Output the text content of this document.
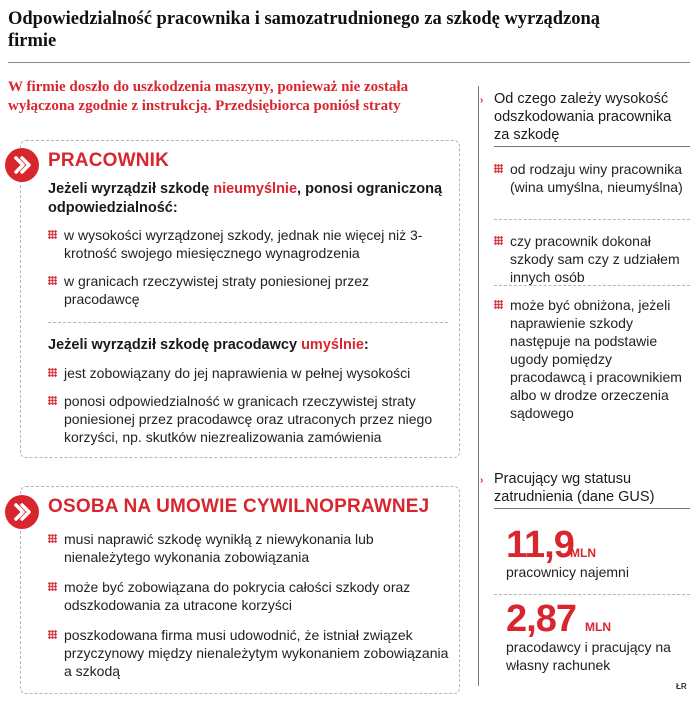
Odpowiedzialność pracownika i samozatrudnionego za szkodę wyrządzoną firmie
W firmie doszło do uszkodzenia maszyny, ponieważ nie została wyłączona zgodnie z instrukcją. Przedsiębiorca poniósł straty
PRACOWNIK
Jeżeli wyrządził szkodę nieumyślnie, ponosi ograniczoną odpowiedzialność:
w wysokości wyrządzonej szkody, jednak nie więcej niż 3-krotność swojego miesięcznego wynagrodzenia
w granicach rzeczywistej straty poniesionej przez pracodawcę
Jeżeli wyrządził szkodę pracodawcy umyślnie:
jest zobowiązany do jej naprawienia w pełnej wysokości
ponosi odpowiedzialność w granicach rzeczywistej straty poniesionej przez pracodawcę oraz utraconych przez niego korzyści, np. skutków niezrealizowania zamówienia
OSOBA NA UMOWIE CYWILNOPRAWNEJ
musi naprawić szkodę wynikłą z niewykonania lub nienależytego wykonania zobowiązania
może być zobowiązana do pokrycia całości szkody oraz odszkodowania za utracone korzyści
poszkodowana firma musi udowodnić, że istniał związek przyczynowy między nienależytym wykonaniem zobowiązania a szkodą
› Od czego zależy wysokość odszkodowania pracownika za szkodę
od rodzaju winy pracownika (wina umyślna, nieumyślna)
czy pracownik dokonał szkody sam czy z udziałem innych osób
może być obniżona, jeżeli naprawienie szkody następuje na podstawie ugody pomiędzy pracodawcą i pracownikiem albo w drodze orzeczenia sądowego
› Pracujący wg statusu zatrudnienia (dane GUS)
11,9
MLN
pracownicy najemni
2,87 MLN
pracodawcy i pracujący na własny rachunek
ŁR
